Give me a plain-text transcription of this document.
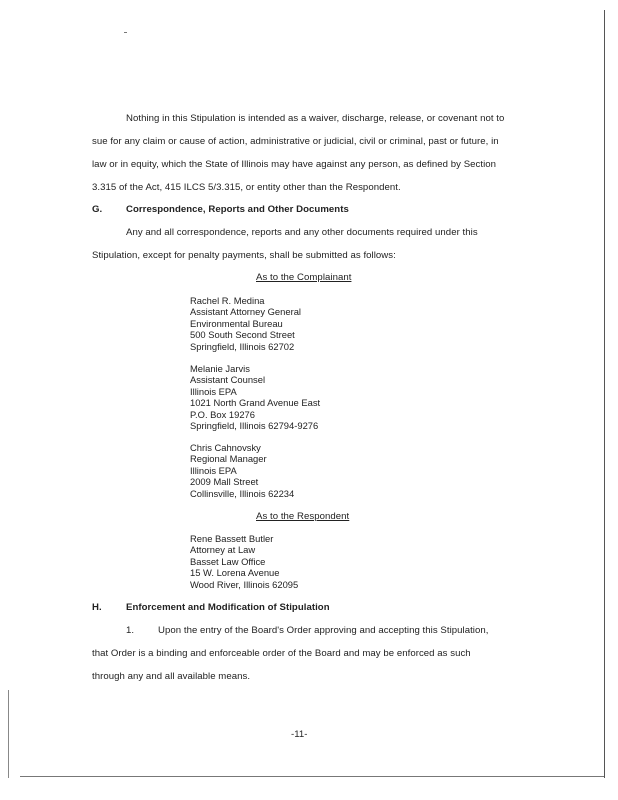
Nothing in this Stipulation is intended as a waiver, discharge, release, or covenant not to
sue for any claim or cause of action, administrative or judicial, civil or criminal, past or future, in
law or in equity, which the State of Illinois may have against any person, as defined by Section
3.315 of the Act, 415 ILCS 5/3.315, or entity other than the Respondent.
G. Correspondence, Reports and Other Documents
Any and all correspondence, reports and any other documents required under this
Stipulation, except for penalty payments, shall be submitted as follows:
As to the Complainant
Rachel R. Medina
Assistant Attorney General
Environmental Bureau
500 South Second Street
Springfield, Illinois 62702
Melanie Jarvis
Assistant Counsel
Illinois EPA
1021 North Grand Avenue East
P.O. Box 19276
Springfield, Illinois 62794-9276
Chris Cahnovsky
Regional Manager
Illinois EPA
2009 Mall Street
Collinsville, Illinois 62234
As to the Respondent
Rene Bassett Butler
Attorney at Law
Basset Law Office
15 W. Lorena Avenue
Wood River, Illinois 62095
H.	Enforcement and Modification of Stipulation
1. Upon the entry of the Board's Order approving and accepting this Stipulation,
that Order is a binding and enforceable order of the Board and may be enforced as such
through any and all available means.
-11-
